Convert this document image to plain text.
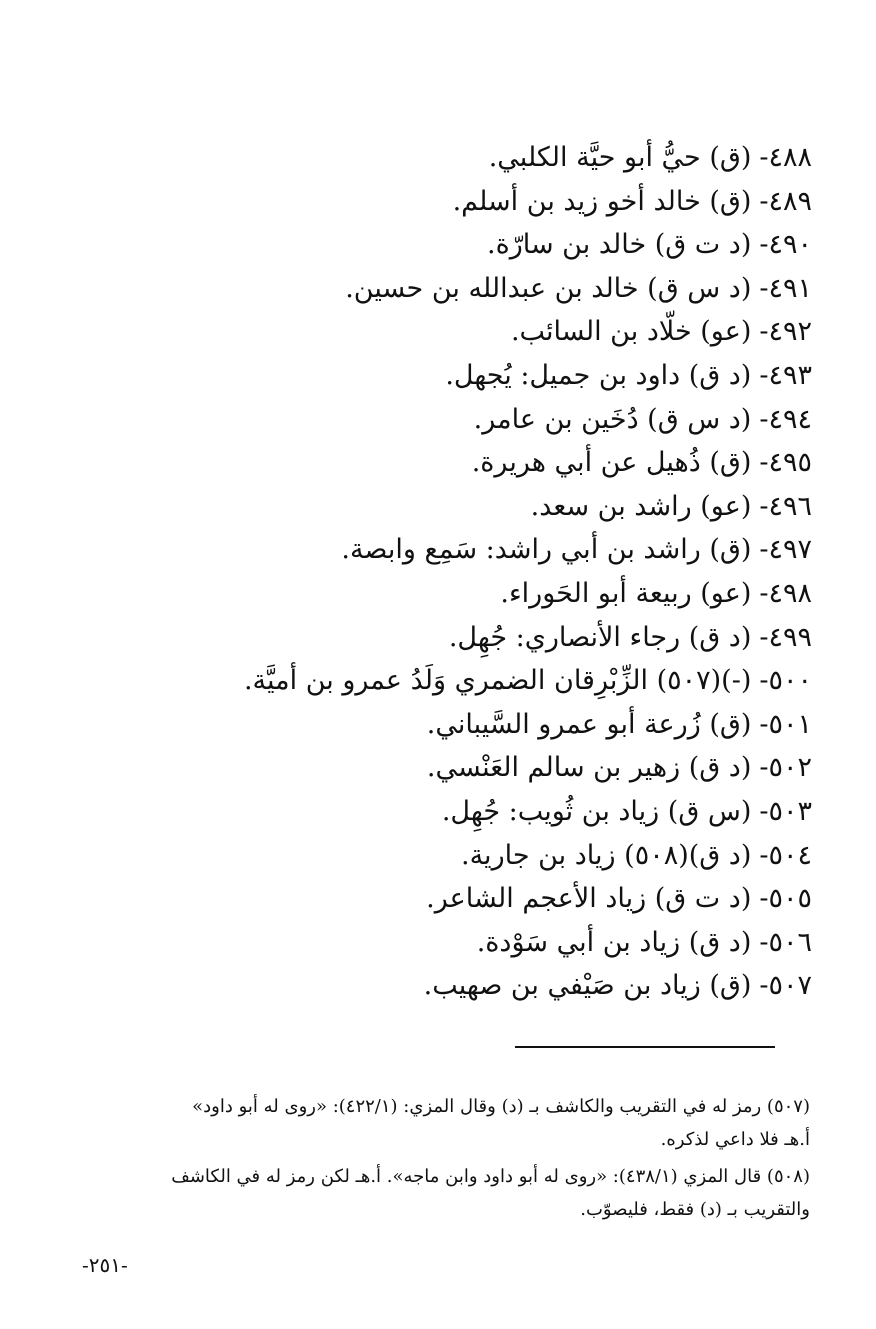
٤٨٨-(ق) حيُّ أبو حيَّة الكلبي.
٤٨٩-(ق) خالد أخو زيد بن أسلم.
٤٩٠-(د ت ق) خالد بن سارّة.
٤٩١-(د س ق) خالد بن عبدالله بن حسين.
٤٩٢-(عو) خلّاد بن السائب.
٤٩٣-(د ق) داود بن جميل: يُجهل.
٤٩٤-(د س ق) دُخَين بن عامر.
٤٩٥-(ق) ذُهيل عن أبي هريرة.
٤٩٦-(عو) راشد بن سعد.
٤٩٧-(ق) راشد بن أبي راشد: سَمِع وابصة.
٤٩٨-(عو) ربيعة أبو الحَوراء.
٤٩٩-(د ق) رجاء الأنصاري: جُهِل.
٥٠٠-(-)(٥٠٧) الزِّبْرِقان الضمري وَلَدُ عمرو بن أميَّة.
٥٠١-(ق) زُرعة أبو عمرو السَّيباني.
٥٠٢-(د ق) زهير بن سالم العَنْسي.
٥٠٣-(س ق) زياد بن ثُويب: جُهِل.
٥٠٤-(د ق)(٥٠٨) زياد بن جارية.
٥٠٥-(د ت ق) زياد الأعجم الشاعر.
٥٠٦-(د ق) زياد بن أبي سَوْدة.
٥٠٧-(ق) زياد بن صَيْفي بن صهيب.
(٥٠٧) رمز له في التقريب والكاشف بـ (د) وقال المزي: (٤٢٢/١): «روى له أبو داود»
أ.هـ فلا داعي لذكره.
(٥٠٨) قال المزي (٤٣٨/١): «روى له أبو داود وابن ماجه». أ.هـ لكن رمز له في الكاشف
والتقريب بـ (د) فقط، فليصوّب.
-٢٥١-
